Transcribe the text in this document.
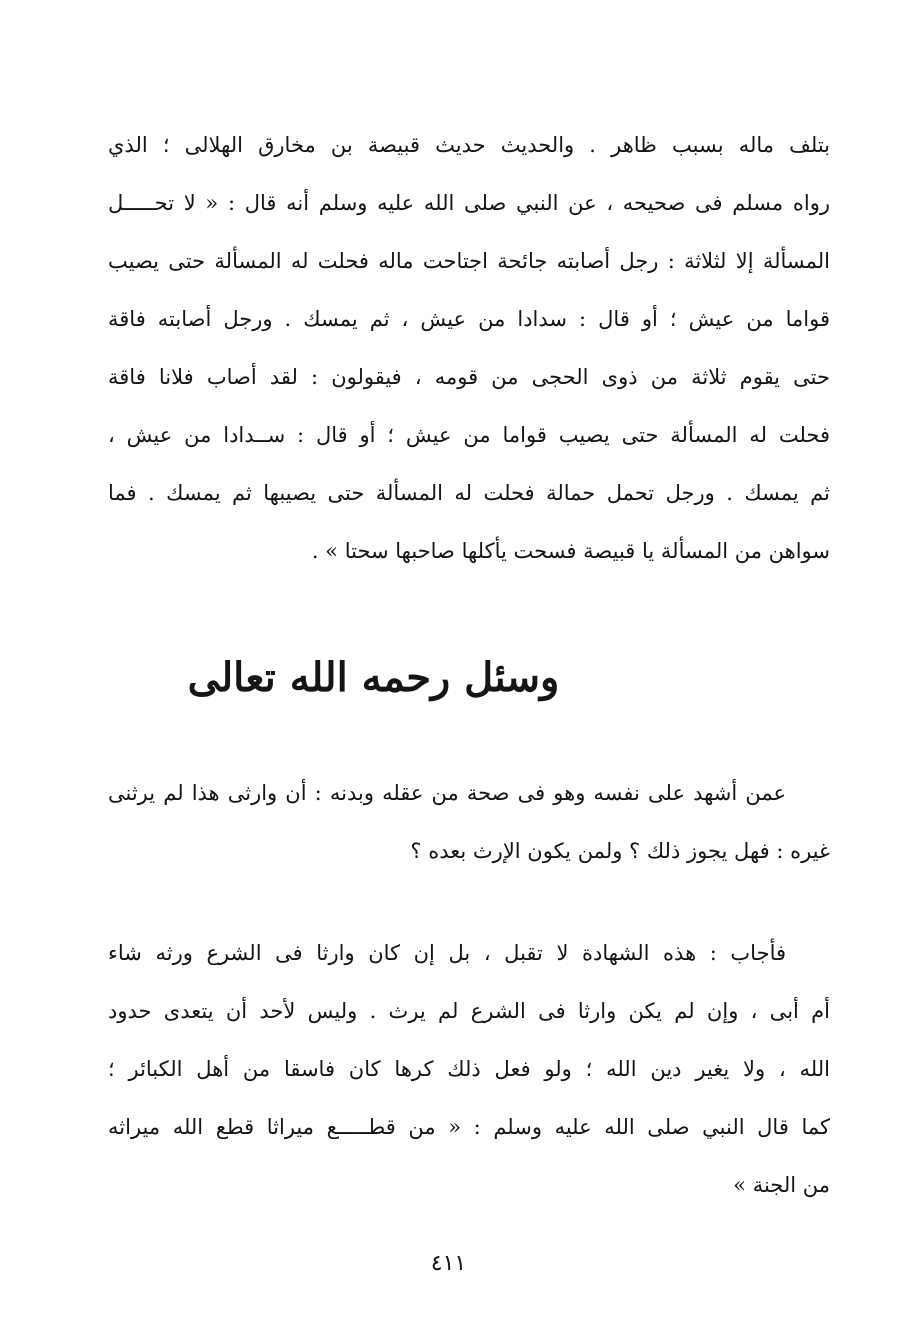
بتلف ماله بسبب ظاهر . والحديث حديث قبيصة بن مخارق الهلالى ؛ الذي
رواه مسلم فى صحيحه ، عن النبي صلى الله عليه وسلم أنه قال : « لا تحـــــل
المسألة إلا لثلاثة : رجل أصابته جائحة اجتاحت ماله فحلت له المسألة حتى يصيب
قواما من عيش ؛ أو قال : سدادا من عيش ، ثم يمسك . ورجل أصابته فاقة
حتى يقوم ثلاثة من ذوى الحجى من قومه ، فيقولون : لقد أصاب فلانا فاقة
فحلت له المسألة حتى يصيب قواما من عيش ؛ أو قال : ســدادا من عيش ،
ثم يمسك . ورجل تحمل حمالة فحلت له المسألة حتى يصيبها ثم يمسك . فما
سواهن من المسألة يا قبيصة فسحت يأكلها صاحبها سحتا » .
وسئل رحمه الله تعالى
عمن أشهد على نفسه وهو فى صحة من عقله وبدنه : أن وارثى هذا لم يرثنى
غيره : فهل يجوز ذلك ؟ ولمن يكون الإرث بعده ؟
فأجاب : هذه الشهادة لا تقبل ، بل إن كان وارثا فى الشرع ورثه شاء
أم أبى ، وإن لم يكن وارثا فى الشرع لم يرث . وليس لأحد أن يتعدى حدود
الله ، ولا يغير دين الله ؛ ولو فعل ذلك كرها كان فاسقا من أهل الكبائر ؛
كما قال النبي صلى الله عليه وسلم : « من قطـــــع ميراثا قطع الله ميراثه
من الجنة »
٤١١
